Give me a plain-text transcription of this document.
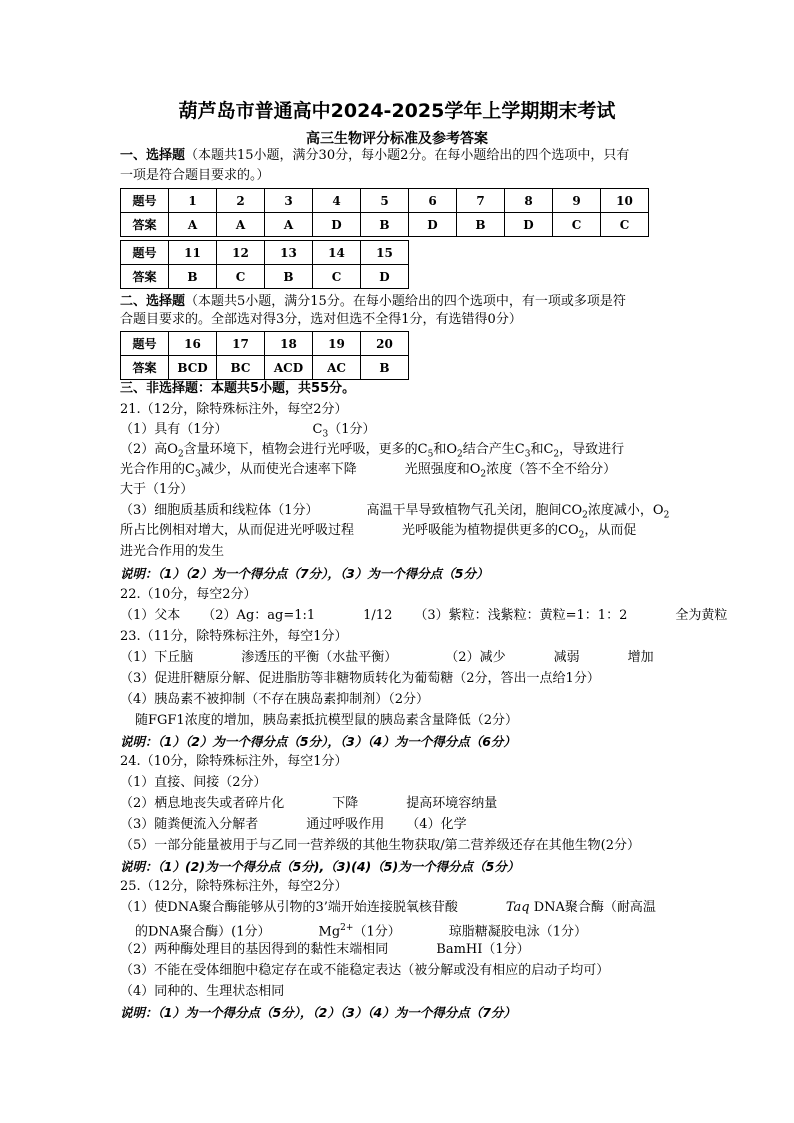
葫芦岛市普通高中2024-2025学年上学期期末考试
高三生物评分标准及参考答案
一、选择题（本题共15小题，满分30分，每小题2分。在每小题给出的四个选项中，只有
一项是符合题目要求的。）
题号	1	2	3	4	5	6	7	8	9	10
答案	A	A	A	D	B	D	B	D	C	C
题号	11	12	13	14	15
答案	B	C	B	C	D
二、选择题（本题共5小题，满分15分。在每小题给出的四个选项中，有一项或多项是符
合题目要求的。全部选对得3分，选对但选不全得1分，有选错得0分）
题号	16	17	18	19	20
答案	BCD	BC	ACD	AC	B
三、非选择题：本题共5小题，共55分。
21.（12分，除特殊标注外，每空2分）
（1）具有（1分）	$C_3(1$分）
（2）高$O_2$含量环境下，植物会进行光呼吸，更多的$C_5$和$O_2$结合产生$C_3$和$C_2$，导致进行
光合作用的$C_3$减少，从而使光合速率下降	光照强度和$O_2$浓度（答不全不给分）
大于（1分）
（3）细胞质基质和线粒体（1分）	高温干旱导致植物气孔关闭，胞间$CO_2$浓度减小，$O_2$
所占比例相对增大，从而促进光呼吸过程	光呼吸能为植物提供更多的$CO_2$，从而促
进光合作用的发生
说明：（1）（2）为一个得分点（7分），（3）为一个得分点（5分）
22.（10分，每空2分）
（1）父本 （2）Ag：ag=1:1	1/12 （3）紫粒：浅紫粒：黄粒=1：1：2	全为黄粒
23.（11分，除特殊标注外，每空1分）
（1）下丘脑	渗透压的平衡（水盐平衡）	（2）减少	减弱	增加
（3）促进肝糖原分解、促进脂肪等非糖物质转化为葡萄糖（2分，答出一点给1分）
（4）胰岛素不被抑制（不存在胰岛素抑制剂）（2分）
随FGF1浓度的增加，胰岛素抵抗模型鼠的胰岛素含量降低（2分）
说明：（1）（2）为一个得分点（5分），（3）（4）为一个得分点（6分）
24.（10分，除特殊标注外，每空1分）
（1）直接、间接（2分）
（2）栖息地丧失或者碎片化	下降	提高环境容纳量
（3）随粪便流入分解者	通过呼吸作用 （4）化学
（5）一部分能量被用于与乙同一营养级的其他生物获取/第二营养级还存在其他生物(2分）
说明：（1）(2)为一个得分点（5分),（3)(4)（5)为一个得分点（5分）
25.（12分，除特殊标注外，每空2分）
（1）使DNA聚合酶能够从引物的3’端开始连接脱氧核苷酸	Taq DNA聚合酶（耐高温
的DNA聚合酶）(1分）	$Mg^{2+}(1$分）	琼脂糖凝胶电泳（1分）
（2）两种酶处理目的基因得到的黏性末端相同	BamHI（1分）
（3）不能在受体细胞中稳定存在或不能稳定表达（被分解或没有相应的启动子均可）
（4）同种的、生理状态相同
说明：（1）为一个得分点（5分），（2）（3）（4）为一个得分点（7分）
